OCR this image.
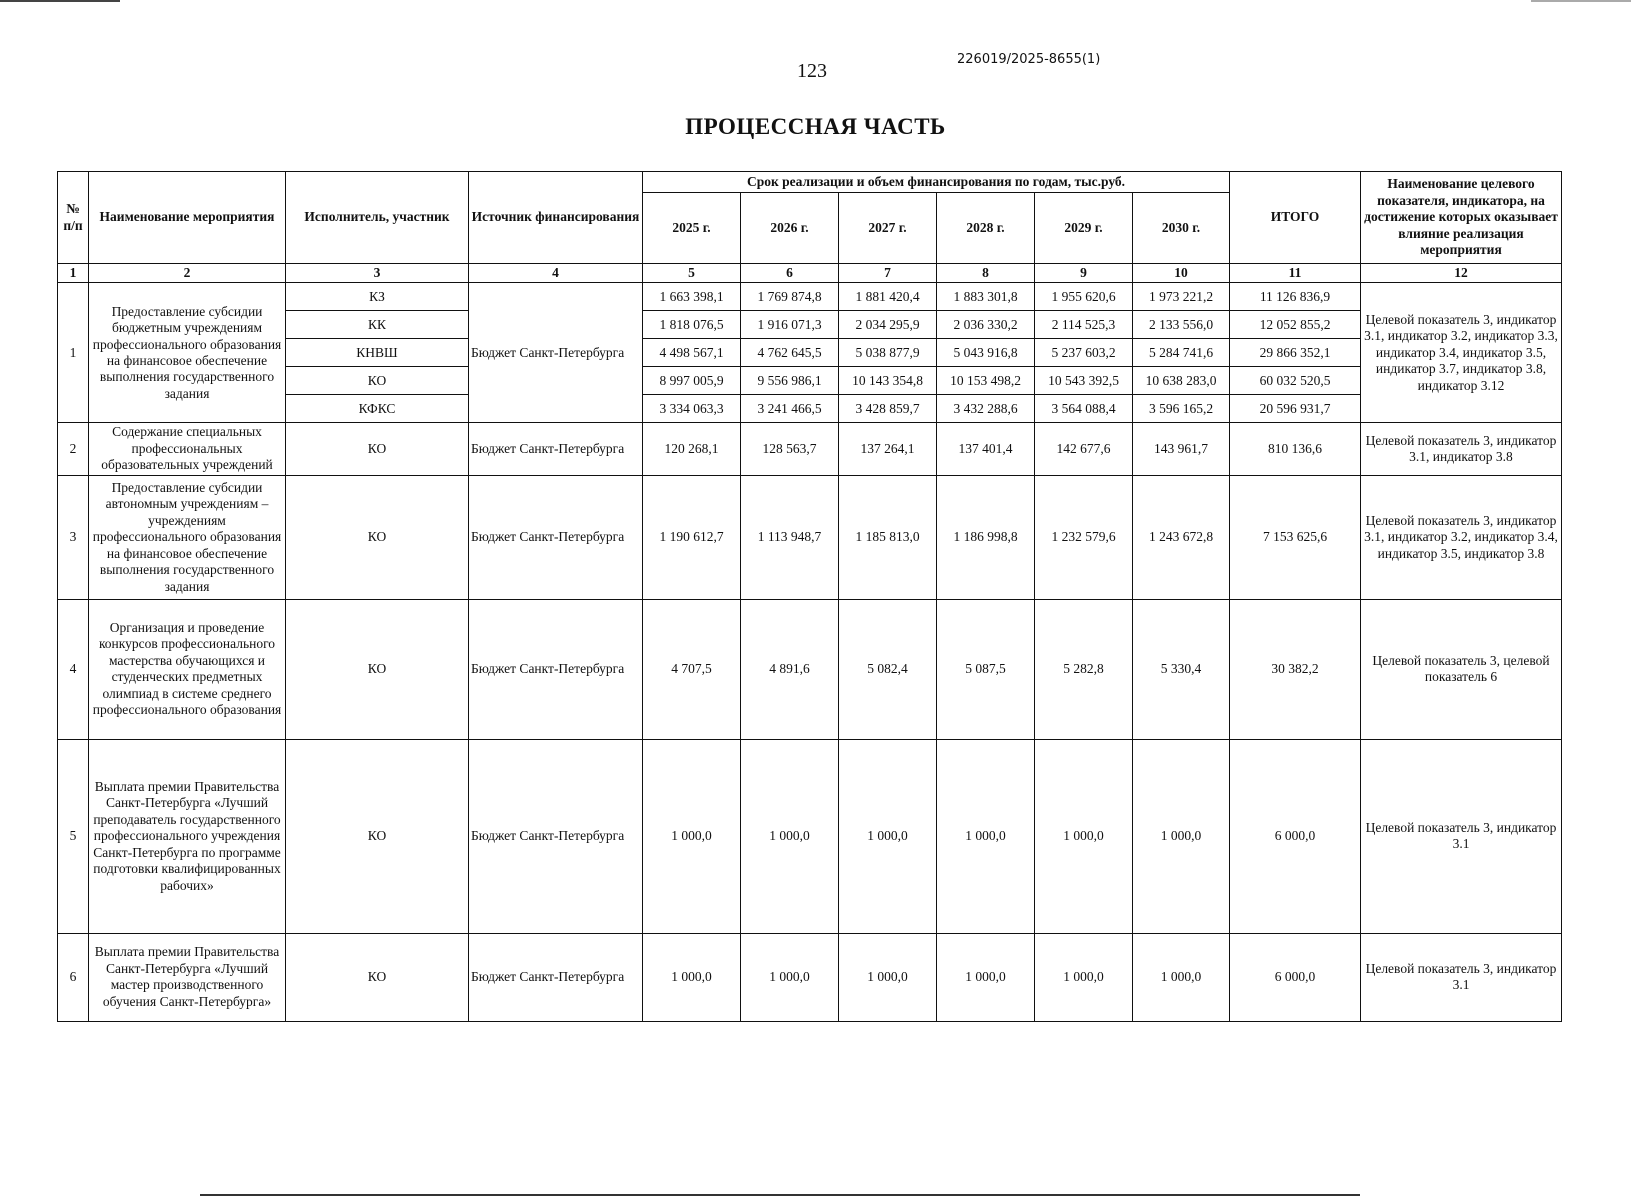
123
226019/2025-8655(1)
ПРОЦЕССНАЯ ЧАСТЬ
№ п/п	Наименование мероприятия	Исполнитель, участник	Источник финансирования	Срок реализации и объем финансирования по годам, тыс.руб.						ИТОГО	Наименование целевого показателя, индикатора, на достижение которых оказывает влияние реализация мероприятия
				2025 г.	2026 г.	2027 г.	2028 г.	2029 г.	2030 г.		
1	2	3	4	5	6	7	8	9	10	11	12
1	Предоставление субсидии бюджетным учреждениям профессионального образования на финансовое обеспечение выполнения государственного задания	КЗ	Бюджет Санкт-Петербурга	1 663 398,1	1 769 874,8	1 881 420,4	1 883 301,8	1 955 620,6	1 973 221,2	11 126 836,9	Целевой показатель 3, индикатор 3.1, индикатор 3.2, индикатор 3.3, индикатор 3.4, индикатор 3.5, индикатор 3.7, индикатор 3.8, индикатор 3.12
		КК		1 818 076,5	1 916 071,3	2 034 295,9	2 036 330,2	2 114 525,3	2 133 556,0	12 052 855,2	
		КНВШ		4 498 567,1	4 762 645,5	5 038 877,9	5 043 916,8	5 237 603,2	5 284 741,6	29 866 352,1	
		КО		8 997 005,9	9 556 986,1	10 143 354,8	10 153 498,2	10 543 392,5	10 638 283,0	60 032 520,5	
		КФКС		3 334 063,3	3 241 466,5	3 428 859,7	3 432 288,6	3 564 088,4	3 596 165,2	20 596 931,7	
2	Содержание специальных профессиональных образовательных учреждений	КО	Бюджет Санкт-Петербурга	120 268,1	128 563,7	137 264,1	137 401,4	142 677,6	143 961,7	810 136,6	Целевой показатель 3, индикатор 3.1, индикатор 3.8
3	Предоставление субсидии автономным учреждениям – учреждениям профессионального образования на финансовое обеспечение выполнения государственного задания	КО	Бюджет Санкт-Петербурга	1 190 612,7	1 113 948,7	1 185 813,0	1 186 998,8	1 232 579,6	1 243 672,8	7 153 625,6	Целевой показатель 3, индикатор 3.1, индикатор 3.2, индикатор 3.4, индикатор 3.5, индикатор 3.8
4	Организация и проведение конкурсов профессионального мастерства обучающихся и студенческих предметных олимпиад в системе среднего профессионального образования	КО	Бюджет Санкт-Петербурга	4 707,5	4 891,6	5 082,4	5 087,5	5 282,8	5 330,4	30 382,2	Целевой показатель 3, целевой показатель 6
5	Выплата премии Правительства Санкт-Петербурга «Лучший преподаватель государственного профессионального учреждения Санкт-Петербурга по программе подготовки квалифицированных рабочих»	КО	Бюджет Санкт-Петербурга	1 000,0	1 000,0	1 000,0	1 000,0	1 000,0	1 000,0	6 000,0	Целевой показатель 3, индикатор 3.1
6	Выплата премии Правительства Санкт-Петербурга «Лучший мастер производственного обучения Санкт-Петербурга»	КО	Бюджет Санкт-Петербурга	1 000,0	1 000,0	1 000,0	1 000,0	1 000,0	1 000,0	6 000,0	Целевой показатель 3, индикатор 3.1
